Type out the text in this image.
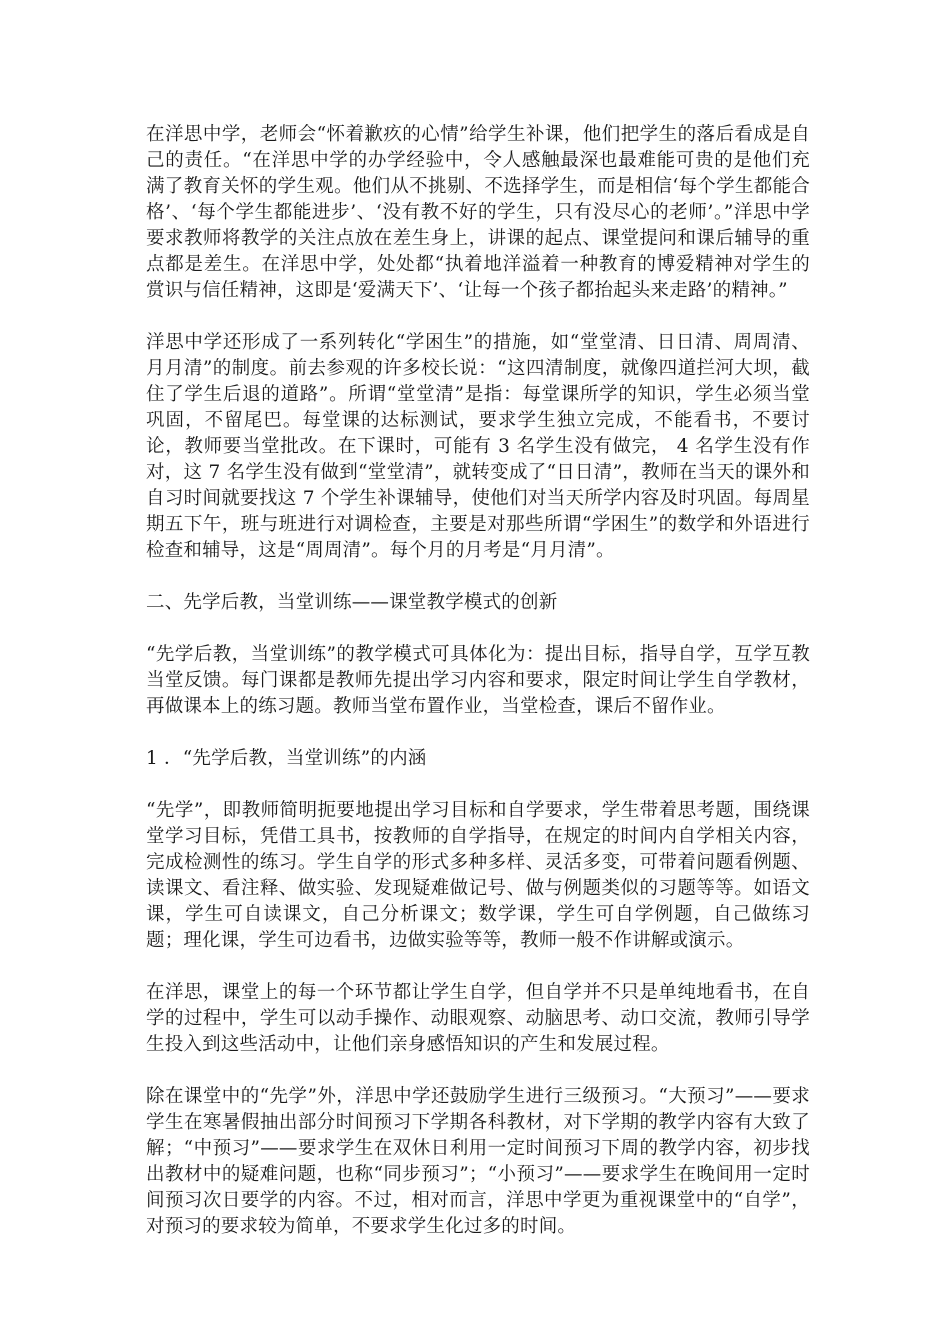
在洋思中学，老师会“怀着歉疚的心情”给学生补课，他们把学生的落后看成是自己的责任。“在洋思中学的办学经验中，令人感触最深也最难能可贵的是他们充满了教育关怀的学生观。他们从不挑剔、不选择学生，而是相信‘每个学生都能合格’、‘每个学生都能进步’、‘没有教不好的学生，只有没尽心的老师’。”洋思中学要求教师将教学的关注点放在差生身上，讲课的起点、课堂提问和课后辅导的重点都是差生。在洋思中学，处处都“执着地洋溢着一种教育的博爱精神对学生的赏识与信任精神，这即是‘爱满天下’、‘让每一个孩子都抬起头来走路’的精神。”

洋思中学还形成了一系列转化“学困生”的措施，如“堂堂清、日日清、周周清、月月清”的制度。前去参观的许多校长说：“这四清制度，就像四道拦河大坝，截住了学生后退的道路”。所谓“堂堂清”是指：每堂课所学的知识，学生必须当堂巩固，不留尾巴。每堂课的达标测试，要求学生独立完成，不能看书，不要讨论，教师要当堂批改。在下课时，可能有 3 名学生没有做完， 4 名学生没有作对，这 7 名学生没有做到“堂堂清”，就转变成了“日日清”，教师在当天的课外和自习时间就要找这 7 个学生补课辅导，使他们对当天所学内容及时巩固。每周星期五下午，班与班进行对调检查，主要是对那些所谓“学困生”的数学和外语进行检查和辅导，这是“周周清”。每个月的月考是“月月清”。

二、先学后教，当堂训练——课堂教学模式的创新

“先学后教，当堂训练”的教学模式可具体化为：提出目标，指导自学，互学互教当堂反馈。每门课都是教师先提出学习内容和要求，限定时间让学生自学教材，再做课本上的练习题。教师当堂布置作业，当堂检查，课后不留作业。

1 ．“先学后教，当堂训练”的内涵

“先学”，即教师简明扼要地提出学习目标和自学要求，学生带着思考题，围绕课堂学习目标，凭借工具书，按教师的自学指导，在规定的时间内自学相关内容，完成检测性的练习。学生自学的形式多种多样、灵活多变，可带着问题看例题、读课文、看注释、做实验、发现疑难做记号、做与例题类似的习题等等。如语文课，学生可自读课文，自己分析课文；数学课，学生可自学例题，自己做练习题；理化课，学生可边看书，边做实验等等，教师一般不作讲解或演示。

在洋思，课堂上的每一个环节都让学生自学，但自学并不只是单纯地看书，在自学的过程中，学生可以动手操作、动眼观察、动脑思考、动口交流，教师引导学生投入到这些活动中，让他们亲身感悟知识的产生和发展过程。

除在课堂中的“先学”外，洋思中学还鼓励学生进行三级预习。“大预习”——要求学生在寒暑假抽出部分时间预习下学期各科教材，对下学期的教学内容有大致了解；“中预习”——要求学生在双休日利用一定时间预习下周的教学内容，初步找出教材中的疑难问题，也称“同步预习”；“小预习”——要求学生在晚间用一定时间预习次日要学的内容。不过，相对而言，洋思中学更为重视课堂中的“自学”，对预习的要求较为简单，不要求学生化过多的时间。
